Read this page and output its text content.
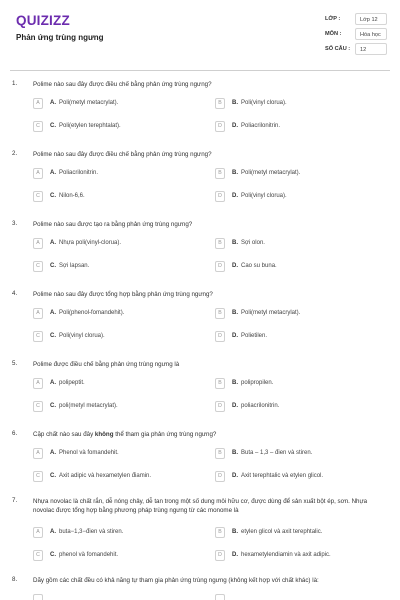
QUIZIZZ
Phản ứng trùng ngưng
LỚP :	Lớp 12
MÔN :	Hóa học
SỐ CÂU :	12
1.	Polime nào sau đây được điều chế bằng phản ứng trùng ngưng?
A	A. Poli(metyl metacrylat).	B	B. Poli(vinyl clorua).
C	C. Poli(etylen terephtalat).	D	D. Poliacrilonitrin.
2.	Polime nào sau đây được điều chế bằng phản ứng trùng ngưng?
A	A. Poliacrilonitrin.	B	B. Poli(metyl metacrylat).
C	C. Nilon-6,6.	D	D. Poli(vinyl clorua).
3.	Polime nào sau được tạo ra bằng phản ứng trùng ngưng?
A	A. Nhựa poli(vinyl-clorua).	B	B. Sợi olon.
C	C. Sợi lapsan.	D	D. Cao su buna.
4.	Polime nào sau đây được tổng hợp bằng phản ứng trùng ngưng?
A	A. Poli(phenol-fomandehit).	B	B. Poli(metyl metacrylat).
C	C. Poli(vinyl clorua).	D	D. Polietilen.
5.	Polime được điều chế bằng phản ứng trùng ngưng là
A	A. polipeptit.	B	B. polipropilen.
C	C. poli(metyl metacrylat).	D	D. poliacrilonitrin.
6.	Cặp chất nào sau đây không thể tham gia phản ứng trùng ngưng?
A	A. Phenol và fomandehit.	B	B. Buta – 1,3 – đien và stiren.
C	C. Axit adipic và hexametylen điamin.	D	D. Axit terephtalic và etylen glicol.
7.	Nhựa novolac là chất rắn, dễ nóng chảy, dễ tan trong một số dung môi hữu cơ, được dùng để sản xuất bột ép, sơn. Nhựa novolac được tổng hợp bằng phương pháp trùng ngưng từ các monome là
A	A. buta−1,3−đien và stiren.	B	B. etylen glicol và axit terephtalic.
C	C. phenol và fomandehit.	D	D. hexametylendiamin và axit adipic.
8.	Dãy gồm các chất đều có khả năng tự tham gia phản ứng trùng ngưng (không kết hợp với chất khác) là:
